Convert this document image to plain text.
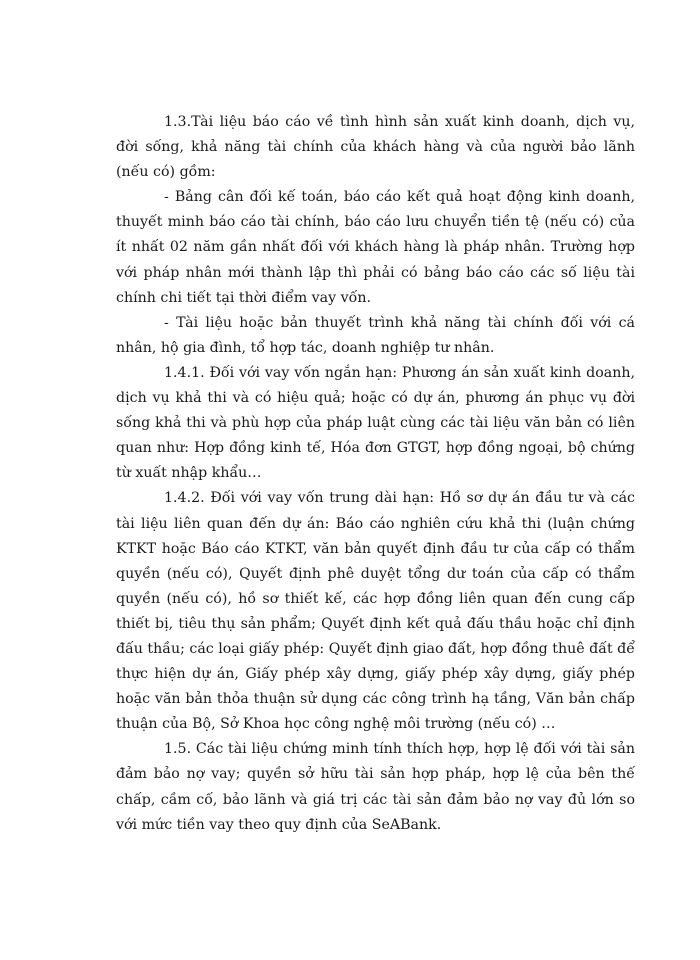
1.3.Tài liệu báo cáo về tình hình sản xuất kinh doanh, dịch vụ, đời sống, khả năng tài chính của khách hàng và của người bảo lãnh (nếu có) gồm:

- Bảng cân đối kế toán, báo cáo kết quả hoạt động kinh doanh, thuyết minh báo cáo tài chính, báo cáo lưu chuyển tiền tệ (nếu có) của ít nhất 02 năm gần nhất đối với khách hàng là pháp nhân. Trường hợp với pháp nhân mới thành lập thì phải có bảng báo cáo các số liệu tài chính chi tiết tại thời điểm vay vốn.

- Tài liệu hoặc bản thuyết trình khả năng tài chính đối với cá nhân, hộ gia đình, tổ hợp tác, doanh nghiệp tư nhân.

1.4.1. Đối với vay vốn ngắn hạn: Phương án sản xuất kinh doanh, dịch vụ khả thi và có hiệu quả; hoặc có dự án, phương án phục vụ đời sống khả thi và phù hợp của pháp luật cùng các tài liệu văn bản có liên quan như: Hợp đồng kinh tế, Hóa đơn GTGT, hợp đồng ngoại, bộ chứng từ xuất nhập khẩu…

1.4.2. Đối với vay vốn trung dài hạn: Hồ sơ dự án đầu tư và các tài liệu liên quan đến dự án: Báo cáo nghiên cứu khả thi (luận chứng KTKT hoặc Báo cáo KTKT, văn bản quyết định đầu tư của cấp có thẩm quyền (nếu có), Quyết định phê duyệt tổng dư toán của cấp có thẩm quyền (nếu có), hồ sơ thiết kế, các hợp đồng liên quan đến cung cấp thiết bị, tiêu thụ sản phẩm; Quyết định kết quả đấu thầu hoặc chỉ định đấu thầu; các loại giấy phép: Quyết định giao đất, hợp đồng thuê đất để thực hiện dự án, Giấy phép xây dựng, giấy phép xây dựng, giấy phép hoặc văn bản thỏa thuận sử dụng các công trình hạ tầng, Văn bản chấp thuận của Bộ, Sở Khoa học công nghệ môi trường (nếu có) …

1.5. Các tài liệu chứng minh tính thích hợp, hợp lệ đối với tài sản đảm bảo nợ vay; quyền sở hữu tài sản hợp pháp, hợp lệ của bên thế chấp, cầm cố, bảo lãnh và giá trị các tài sản đảm bảo nợ vay đủ lớn so với mức tiền vay theo quy định của SeABank.
